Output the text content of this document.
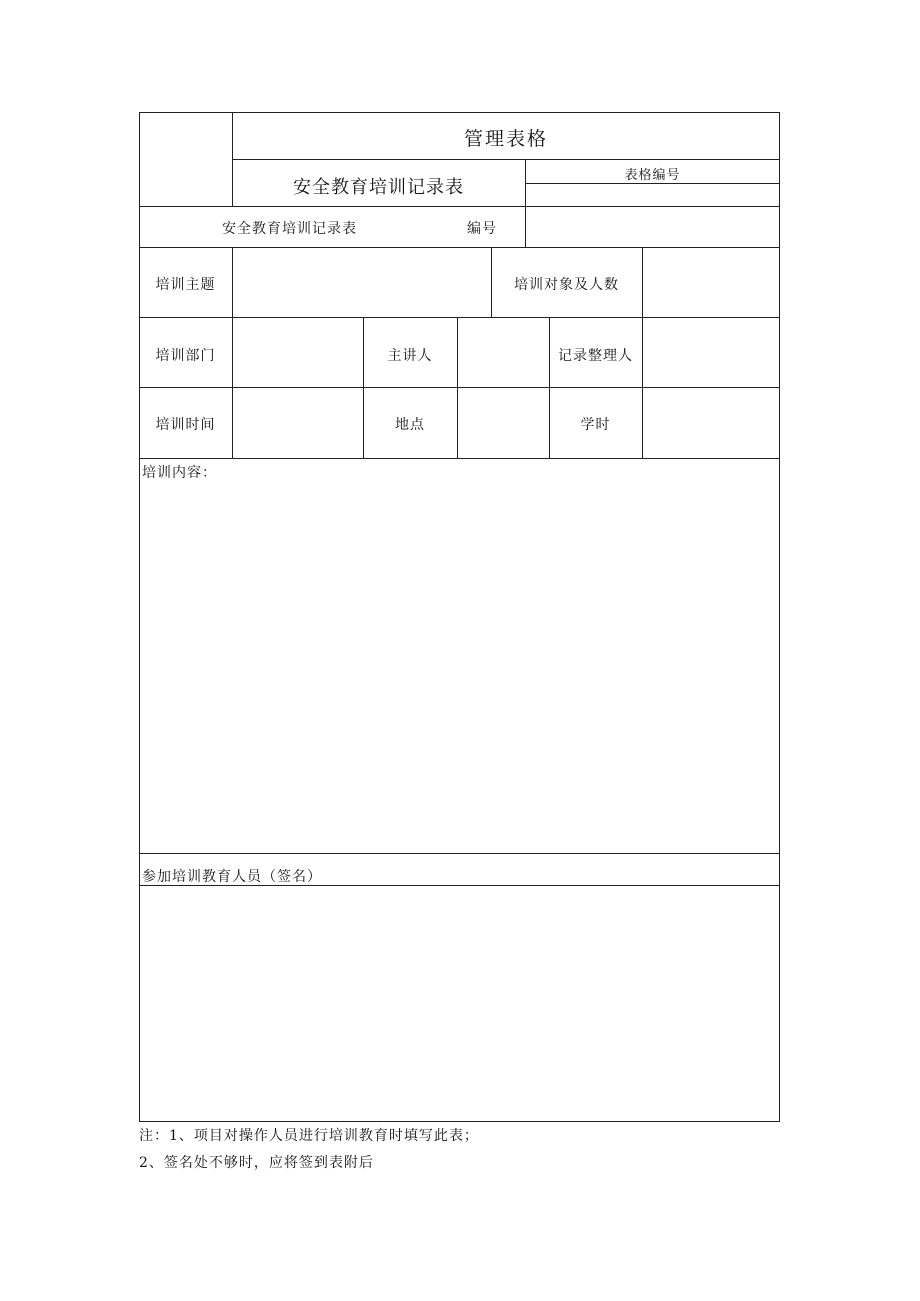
管理表格
安全教育培训记录表
表格编号
安全教育培训记录表	编号
培训主题	培训对象及人数
培训部门	主讲人	记录整理人
培训时间	地点	学时
培训内容：
参加培训教育人员（签名）
注：1、项目对操作人员进行培训教育时填写此表；
2、签名处不够时，应将签到表附后
